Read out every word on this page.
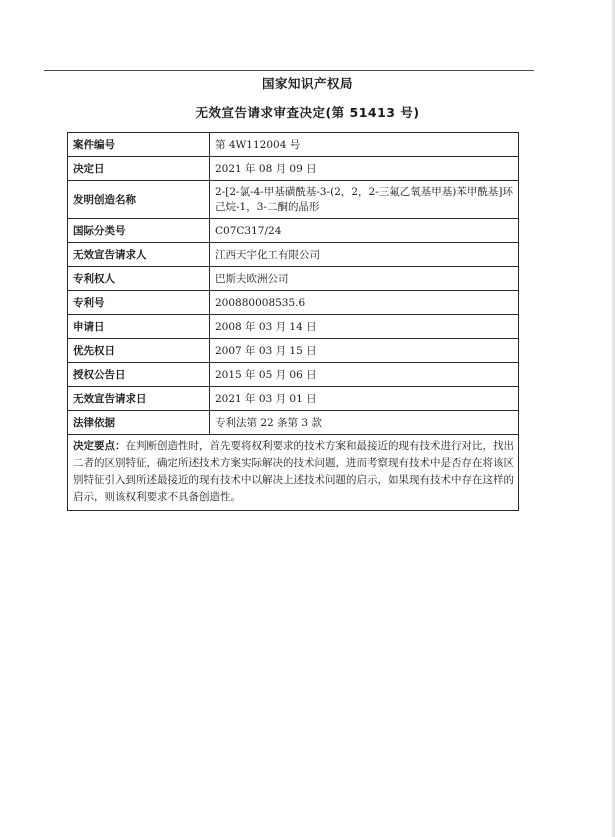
国家知识产权局
无效宣告请求审查决定(第 51413 号)
案件编号	第 4W112004 号
决定日	2021 年 08 月 09 日
发明创造名称	2-[2-氯-4-甲基磺酰基-3-(2，2，2-三氟乙氧基甲基)苯甲酰基]环己烷-1，3-二酮的晶形
国际分类号	C07C317/24
无效宣告请求人	江西天宇化工有限公司
专利权人	巴斯夫欧洲公司
专利号	200880008535.6
申请日	2008 年 03 月 14 日
优先权日	2007 年 03 月 15 日
授权公告日	2015 年 05 月 06 日
无效宣告请求日	2021 年 03 月 01 日
法律依据	专利法第 22 条第 3 款
决定要点：在判断创造性时，首先要将权利要求的技术方案和最接近的现有技术进行对比，找出二者的区别特征，确定所述技术方案实际解决的技术问题，进而考察现有技术中是否存在将该区别特征引入到所述最接近的现有技术中以解决上述技术问题的启示，如果现有技术中存在这样的启示，则该权利要求不具备创造性。	
